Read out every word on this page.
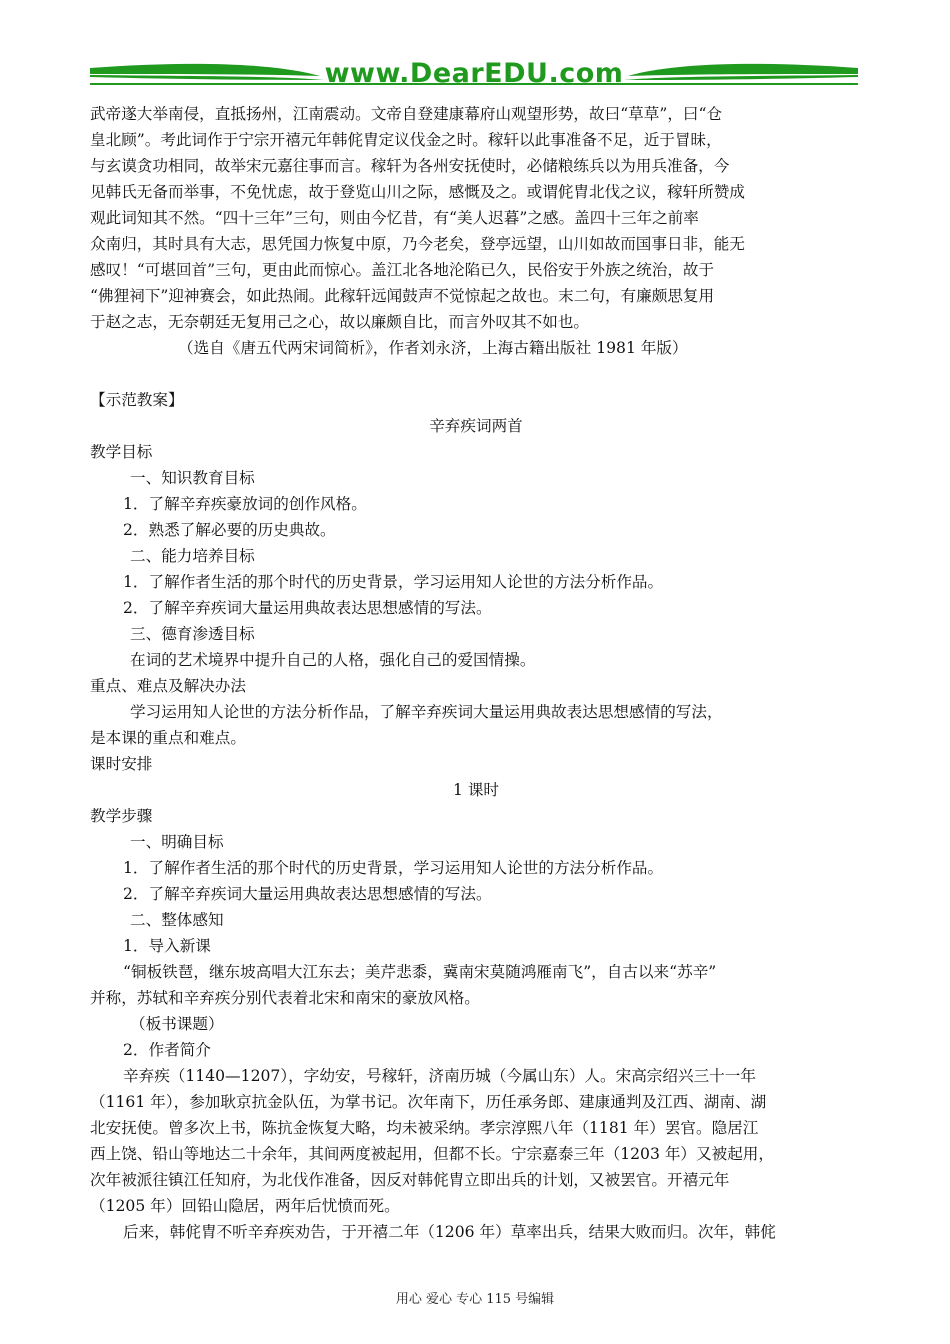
www.DearEDU.com

武帝遂大举南侵，直抵扬州，江南震动。文帝自登建康幕府山观望形势，故曰“草草”，曰“仓

皇北顾”。考此词作于宁宗开禧元年韩侂胄定议伐金之时。稼轩以此事准备不足，近于冒昧，

与玄谟贪功相同，故举宋元嘉往事而言。稼轩为各州安抚使时，必储粮练兵以为用兵准备，今

见韩氏无备而举事，不免忧虑，故于登览山川之际，感慨及之。或谓侂胄北伐之议，稼轩所赞成

观此词知其不然。“四十三年”三句，则由今忆昔，有“美人迟暮”之感。盖四十三年之前率

众南归，其时具有大志，思凭国力恢复中原，乃今老矣，登亭远望，山川如故而国事日非，能无

感叹！“可堪回首”三句，更由此而惊心。盖江北各地沦陷已久，民俗安于外族之统治，故于

“佛狸祠下”迎神赛会，如此热闹。此稼轩远闻鼓声不觉惊起之故也。末二句，有廉颇思复用

于赵之志，无奈朝廷无复用己之心，故以廉颇自比，而言外叹其不如也。

（选自《唐五代两宋词简析》，作者刘永济，上海古籍出版社 1981 年版）

【示范教案】

辛弃疾词两首

教学目标

一、知识教育目标

1．了解辛弃疾豪放词的创作风格。

2．熟悉了解必要的历史典故。

二、能力培养目标

1．了解作者生活的那个时代的历史背景，学习运用知人论世的方法分析作品。

2．了解辛弃疾词大量运用典故表达思想感情的写法。

三、德育渗透目标

在词的艺术境界中提升自己的人格，强化自己的爱国情操。

重点、难点及解决办法

学习运用知人论世的方法分析作品，了解辛弃疾词大量运用典故表达思想感情的写法，

是本课的重点和难点。

课时安排

1 课时

教学步骤

一、明确目标

1．了解作者生活的那个时代的历史背景，学习运用知人论世的方法分析作品。

2．了解辛弃疾词大量运用典故表达思想感情的写法。

二、整体感知

1．导入新课

“铜板铁琶，继东坡高唱大江东去；美芹悲黍，冀南宋莫随鸿雁南飞”，自古以来“苏辛”

并称，苏轼和辛弃疾分别代表着北宋和南宋的豪放风格。

（板书课题）

2．作者简介

辛弃疾（1140—1207），字幼安，号稼轩，济南历城（今属山东）人。宋高宗绍兴三十一年

（1161 年），参加耿京抗金队伍，为掌书记。次年南下，历任承务郎、建康通判及江西、湖南、湖

北安抚使。曾多次上书，陈抗金恢复大略，均未被采纳。孝宗淳熙八年（1181 年）罢官。隐居江

西上饶、铅山等地达二十余年，其间两度被起用，但都不长。宁宗嘉泰三年（1203 年）又被起用，

次年被派往镇江任知府，为北伐作准备，因反对韩侂胄立即出兵的计划，又被罢官。开禧元年

（1205 年）回铅山隐居，两年后忧愤而死。

后来，韩侂胄不听辛弃疾劝告，于开禧二年（1206 年）草率出兵，结果大败而归。次年，韩侂

用心 爱心 专心 115 号编辑
